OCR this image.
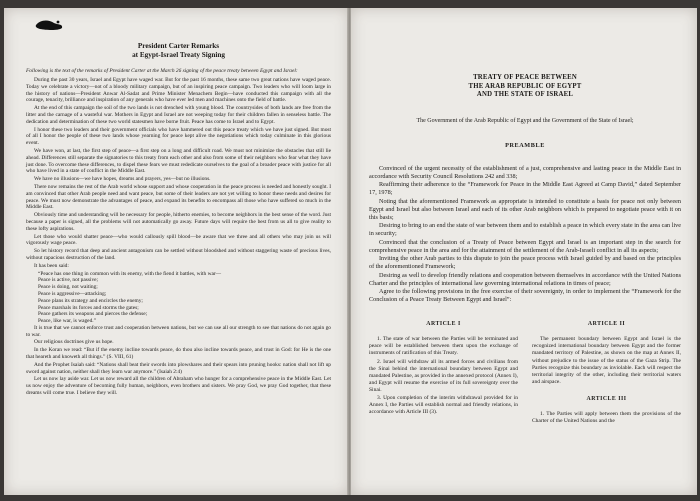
President Carter Remarks
at Egypt-Israel Treaty Signing

Following is the text of the remarks of President Carter at the March 26 signing of the peace treaty between Egypt and Israel:

During the past 30 years, Israel and Egypt have waged war. But for the past 16 months, these same two great nations have waged peace. Today we celebrate a victory—not of a bloody military campaign, but of an inspiring peace campaign. Two leaders who will loom large in the history of nations—President Anwar Al-Sadat and Prime Minister Menachem Begin—have conducted this campaign with all the courage, tenacity, brilliance and inspiration of any generals who have ever led men and machines onto the field of battle.

At the end of this campaign the soil of the two lands is not drenched with young blood. The countrysides of both lands are free from the litter and the carnage of a wasteful war. Mothers in Egypt and Israel are not weeping today for their children fallen in senseless battle. The dedication and determination of these two world statesmen have borne fruit. Peace has come to Israel and to Egypt.

I honor these two leaders and their government officials who have hammered out this peace treaty which we have just signed. But most of all I honor the people of these two lands whose yearning for peace kept alive the negotiations which today culminate in this glorious event.

We have won, at last, the first step of peace—a first step on a long and difficult road. We must not minimize the obstacles that still lie ahead. Differences still separate the signatories to this treaty from each other and also from some of their neighbors who fear what they have just done. To overcome these differences, to dispel these fears we must rededicate ourselves to the goal of a broader peace with justice for all who have lived in a state of conflict in the Middle East.

We have no illusions—we have hopes, dreams and prayers, yes—but no illusions.

There now remains the rest of the Arab world whose support and whose cooperation in the peace process is needed and honestly sought. I am convinced that other Arab people need and want peace, but some of their leaders are not yet willing to honor these needs and desires for peace. We must now demonstrate the advantages of peace, and expand its benefits to encompass all those who have suffered so much in the Middle East.

Obviously time and understanding will be necessary for people, hitherto enemies, to become neighbors in the best sense of the word. Just because a paper is signed, all the problems will not automatically go away. Future days will require the best from us all to give reality to these lofty aspirations.

Let those who would shatter peace—who would callously spill blood—be aware that we three and all others who may join us will vigorously wage peace.

So let history record that deep and ancient antagonism can be settled without bloodshed and without staggering waste of precious lives, without rapacious destruction of the land.

It has been said:

“Peace has one thing in common with its enemy, with the fiend it battles, with war—

Peace is active, not passive;

Peace is doing, not waiting;

Peace is aggressive—attacking;

Peace plans its strategy and encircles the enemy;

Peace marshals its forces and storms the gates;

Peace gathers its weapons and pierces the defense;

Peace, like war, is waged.”

It is true that we cannot enforce trust and cooperation between nations, but we can use all our strength to see that nations do not again go to war.

Our religious doctrines give us hope.

In the Koran we read: “But if the enemy incline towards peace, do thou also incline towards peace, and trust in God: for He is the one that heareth and knoweth all things.” (S. VIII, 61)

And the Prophet Isaiah said: “Nations shall beat their swords into plowshares and their spears into pruning hooks: nation shall not lift up sword against nation, neither shall they learn war anymore.” (Isaiah 2:4)

Let us now lay aside war. Let us now reward all the children of Abraham who hunger for a comprehensive peace in the Middle East. Let us now enjoy the adventure of becoming fully human, neighbors, even brothers and sisters. We pray God, we pray God together, that these dreams will come true. I believe they will.

TREATY OF PEACE BETWEEN
THE ARAB REPUBLIC OF EGYPT
AND THE STATE OF ISRAEL

The Government of the Arab Republic of Egypt and the Government of the State of Israel;

PREAMBLE

Convinced of the urgent necessity of the establishment of a just, comprehensive and lasting peace in the Middle East in accordance with Security Council Resolutions 242 and 338;

Reaffirming their adherence to the “Framework for Peace in the Middle East Agreed at Camp David,” dated September 17, 1978;

Noting that the aforementioned Framework as appropriate is intended to constitute a basis for peace not only between Egypt and Israel but also between Israel and each of its other Arab neighbors which is prepared to negotiate peace with it on this basis;

Desiring to bring to an end the state of war between them and to establish a peace in which every state in the area can live in security;

Convinced that the conclusion of a Treaty of Peace between Egypt and Israel is an important step in the search for comprehensive peace in the area and for the attainment of the settlement of the Arab-Israeli conflict in all its aspects;

Inviting the other Arab parties to this dispute to join the peace process with Israel guided by and based on the principles of the aforementioned Framework;

Desiring as well to develop friendly relations and cooperation between themselves in accordance with the United Nations Charter and the principles of international law governing international relations in times of peace;

Agree to the following provisions in the free exercise of their sovereignty, in order to implement the “Framework for the Conclusion of a Peace Treaty Between Egypt and Israel”:

ARTICLE I

1. The state of war between the Parties will be terminated and peace will be established between them upon the exchange of instruments of ratification of this Treaty.

2. Israel will withdraw all its armed forces and civilians from the Sinai behind the international boundary between Egypt and mandated Palestine, as provided in the annexed protocol (Annex I), and Egypt will resume the exercise of its full sovereignty over the Sinai.

3. Upon completion of the interim withdrawal provided for in Annex I, the Parties will establish normal and friendly relations, in accordance with Article III (3).

ARTICLE II

The permanent boundary between Egypt and Israel is the recognized international boundary between Egypt and the former mandated territory of Palestine, as shown on the map at Annex II, without prejudice to the issue of the status of the Gaza Strip. The Parties recognize this boundary as inviolable. Each will respect the territorial integrity of the other, including their territorial waters and airspace.

ARTICLE III

1. The Parties will apply between them the provisions of the Charter of the United Nations and the
